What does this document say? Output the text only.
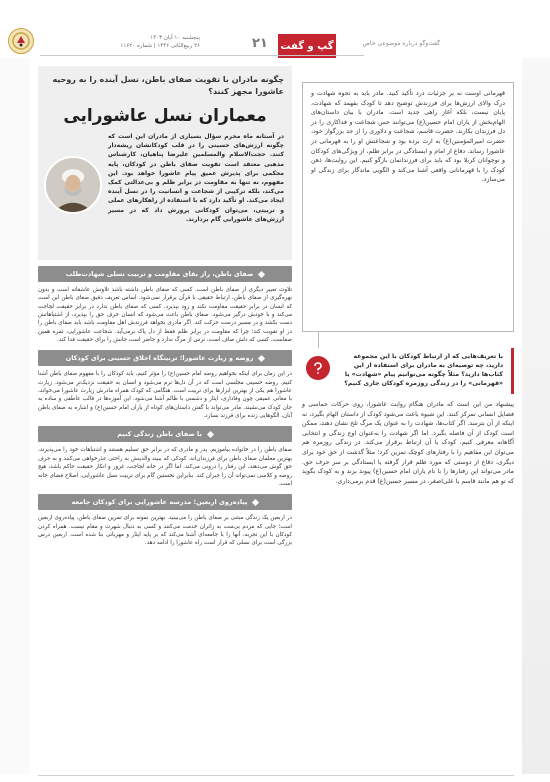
پنجشنبه ۱۰ آبان ۱۴۰۳
۲۶ ربیع‌الثانی ۱۴۴۶ | شماره ۱۱۶۲۰	۲۱ گپ و گفت	گفت‌وگو درباره موضوعی خاص
چگونه مادران با تقویت صفای باطن، نسل آینده را به روحیه عاشورا مجهز کنند؟
معماران نسل عاشورایی
در آستانه ماه محرم سؤال بسیاری از مادران این است که چگونه ارزش‌های حسینی را در قلب کودکانشان ریشه‌دار کنند. حجت‌الاسلام والمسلمین علیرضا پناهیان، کارشناس مذهبی معتقد است تقویت صفای باطن در کودکان، پایه محکمی برای پذیرش عمیق پیام عاشورا خواهد بود. این مفهوم، نه تنها به مقاومت در برابر ظلم و بی‌عدالتی کمک می‌کند، بلکه ترکیبی از شجاعت و انسانیت را در نسل آینده ایجاد می‌کند. او تأکید دارد که با استفاده از راهکارهای عملی و تربیتی، می‌توان کودکانی پرورش داد که در مسیر ارزش‌های عاشورایی گام بردارند.
صفای باطن، راز بقای مقاومت و تربیت نسلی شهادت‌طلب
تلاوت تعبیر دیگری از صفای باطن است. کسی که صفای باطن داشته باشد تلاوتش عاشقانه است و بدون بهره‌گیری از صفای باطن، ارتباط حقیقی با قرآن برقرار نمی‌شود. اساس تعریف دقیق صفای باطن این است که انسان در برابر حقیقت مقاومت نکند و زود بپذیرد. کسی که صفای باطن ندارد در برابر حقیقت لجاجت می‌کند و با خودش درگیر می‌شود. صفای باطن باعث می‌شود که انسان حرف حق را بپذیرد، از اشتباهاتش دست بکشد و در مسیر درست حرکت کند. اگر مادری بخواهد فرزندش اهل مقاومت باشد باید صفای باطن را در او تقویت کند؛ چرا که مقاومت در برابر ظلم فقط از دل پاک برمی‌آید. شجاعت عاشورایی، ثمره همین صفاست. کسی که دلش صاف است، ترس از مرگ ندارد و حاضر است جانش را برای حقیقت فدا کند.
روضه و زیارت عاشورا؛ تربیتگاه اخلاق حسینی برای کودکان
در این زمان برای اینکه بخواهیم روضه امام حسین(ع) را مؤثر کنیم، باید کودکان را با مفهوم صفای باطن آشنا کنیم. روضه حسینی مجلسی است که در آن دل‌ها نرم می‌شود و انسان به حقیقت نزدیک‌تر می‌شود. زیارت عاشورا هم یکی از بهترین ابزارها برای تربیت است. هنگامی که کودک همراه مادرش زیارت عاشورا می‌خواند، با معانی عمیقی چون وفاداری، ایثار و دشمنی با ظالم آشنا می‌شود. این آموزه‌ها در قالب عاطفی و ساده به جان کودک می‌نشیند. مادر می‌تواند با گفتن داستان‌های کوتاه از یاران امام حسین(ع) و اشاره به صفای باطن آنان، الگوهایی زنده برای فرزند بسازد.
با صفای باطن زندگی کنیم
صفای باطن را در خانواده بیاموزیم. پدر و مادری که در برابر حق تسلیم هستند و اشتباهات خود را می‌پذیرند، بهترین معلمان صفای باطن برای فرزندان‌اند. کودکی که ببیند والدینش به راحتی عذرخواهی می‌کنند و به حرف حق گوش می‌دهند، این رفتار را درونی می‌کند. اما اگر در خانه لجاجت، غرور و انکار حقیقت حاکم باشد، هیچ روضه و کلاسی نمی‌تواند آن را جبران کند. بنابراین نخستین گام برای تربیت نسل عاشورایی، اصلاح فضای خانه است.
پیاده‌روی اربعین؛ مدرسه عاشورایی برای کودکان جامعه
در اربعین یک زندگی مبتنی بر صفای باطن را می‌بینید. بهترین نمونه برای تمرین صفای باطن، پیاده‌روی اربعین است؛ جایی که مردم بی‌منت به زائران خدمت می‌کنند و کسی به دنبال شهرت و مقام نیست. همراه کردن کودکان با این تجربه، آنها را با جامعه‌ای آشنا می‌کند که بر پایه ایثار و مهربانی بنا شده است. اربعین درس بزرگی است برای نسلی که قرار است راه عاشورا را ادامه دهد.
قهرمانی اوست نه بر جزئیات درد تأکید کنید. مادر باید به نحوه شهادت و درک والای ارزش‌ها برای فرزندش توضیح دهد تا کودک بفهمد که شهادت، پایان نیست، بلکه آغاز راهی جدید است. مادران با بیان داستان‌های الهام‌بخش از یاران امام حسین(ع) می‌توانند حس شجاعت و فداکاری را در دل فرزندان بکارند. حضرت قاسم، شجاعت و دلاوری را از جد بزرگوار خود، حضرت امیرالمؤمنین(ع) به ارث برده بود و شجاعتش او را به قهرمانی در عاشورا رساند. دفاع از امام و ایستادگی در برابر ظلم، از ویژگی‌های کودکان و نوجوانان کربلا بود که باید برای فرزندانمان بازگو کنیم. این روایت‌ها، ذهن کودک را با قهرمانانی واقعی آشنا می‌کند و الگویی ماندگار برای زندگی او می‌سازد.
با تعریف‌هایی که از ارتباط کودکان با این مجموعه دارید، چه توصیه‌ای به مادران برای استفاده از این کتاب‌ها دارید؟ مثلاً چگونه می‌توانیم پیام «شهادت» یا «قهرمانی» را در زندگی روزمره کودکان جاری کنیم؟
پیشنهاد من این است که مادران هنگام روایت عاشورا، روی حرکات حماسی و فضایل انسانی تمرکز کنند. این شیوه باعث می‌شود کودک از داستان الهام بگیرد، نه اینکه از آن بترسد. اگر کتاب‌ها، شهادت را به عنوان یک مرگ تلخ نشان دهند، ممکن است کودک از آن فاصله بگیرد. اما اگر شهادت را به‌عنوان اوج زندگی و انتخابی آگاهانه معرفی کنیم، کودک با آن ارتباط برقرار می‌کند. در زندگی روزمره هم می‌توان این مفاهیم را با رفتارهای کوچک تمرین کرد؛ مثلاً گذشت از حق خود برای دیگری، دفاع از دوستی که مورد ظلم قرار گرفته یا ایستادگی بر سر حرف حق. مادر می‌تواند این رفتارها را با نام یاران امام حسین(ع) پیوند بزند و به کودک بگوید که تو هم مانند قاسم یا علی‌اصغر، در مسیر حسین(ع) قدم برمی‌داری.
